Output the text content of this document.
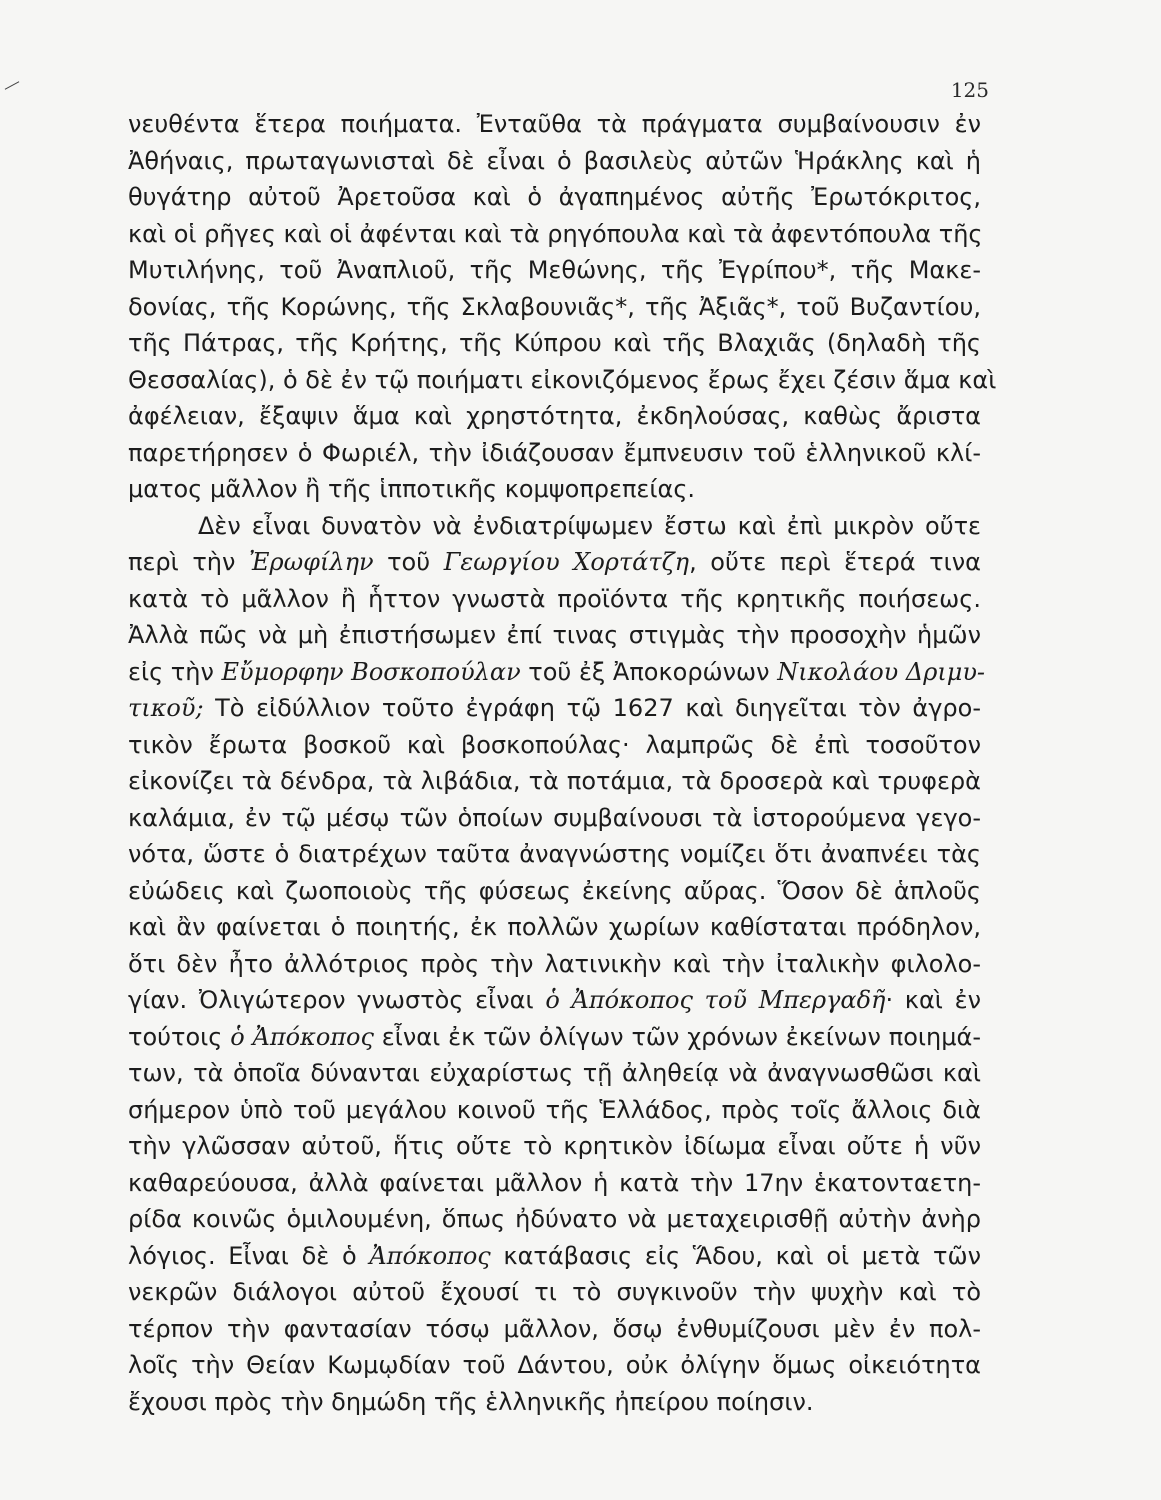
125
νευθέντα ἕτερα ποιήματα. Ἐνταῦθα τὰ πράγματα συμβαίνουσιν ἐν
Ἀθήναις, πρωταγωνισταὶ δὲ εἶναι ὁ βασιλεὺς αὐτῶν Ἡράκλης καὶ ἡ
θυγάτηρ αὐτοῦ Ἀρετοῦσα καὶ ὁ ἀγαπημένος αὐτῆς Ἐρωτόκριτος,
καὶ οἱ ρῆγες καὶ οἱ ἀφένται καὶ τὰ ρηγόπουλα καὶ τὰ ἀφεντόπουλα τῆς
Μυτιλήνης, τοῦ Ἀναπλιοῦ, τῆς Μεθώνης, τῆς Ἐγρίπου*, τῆς Μακε-
δονίας, τῆς Κορώνης, τῆς Σκλαβουνιᾶς*, τῆς Ἀξιᾶς*, τοῦ Βυζαντίου,
τῆς Πάτρας, τῆς Κρήτης, τῆς Κύπρου καὶ τῆς Βλαχιᾶς (δηλαδὴ τῆς
Θεσσαλίας), ὁ δὲ ἐν τῷ ποιήματι εἰκονιζόμενος ἔρως ἔχει ζέσιν ἅμα καὶ
ἀφέλειαν, ἔξαψιν ἅμα καὶ χρηστότητα, ἐκδηλούσας, καθὼς ἄριστα
παρετήρησεν ὁ Φωριέλ, τὴν ἰδιάζουσαν ἔμπνευσιν τοῦ ἑλληνικοῦ κλί-
ματος μᾶλλον ἢ τῆς ἱπποτικῆς κομψοπρεπείας.
Δὲν εἶναι δυνατὸν νὰ ἐνδιατρίψωμεν ἔστω καὶ ἐπὶ μικρὸν οὔτε
περὶ τὴν Ἐρωφίλην τοῦ Γεωργίου Χορτάτζη, οὔτε περὶ ἕτερά τινα
κατὰ τὸ μᾶλλον ἢ ἧττον γνωστὰ προϊόντα τῆς κρητικῆς ποιήσεως.
Ἀλλὰ πῶς νὰ μὴ ἐπιστήσωμεν ἐπί τινας στιγμὰς τὴν προσοχὴν ἡμῶν
εἰς τὴν Εὔμορφην Βοσκοπούλαν τοῦ ἐξ Ἀποκορώνων Νικολάου Δριμυ-
τικοῦ; Τὸ εἰδύλλιον τοῦτο ἐγράφη τῷ 1627 καὶ διηγεῖται τὸν ἀγρο-
τικὸν ἔρωτα βοσκοῦ καὶ βοσκοπούλας· λαμπρῶς δὲ ἐπὶ τοσοῦτον
εἰκονίζει τὰ δένδρα, τὰ λιβάδια, τὰ ποτάμια, τὰ δροσερὰ καὶ τρυφερὰ
καλάμια, ἐν τῷ μέσῳ τῶν ὁποίων συμβαίνουσι τὰ ἱστορούμενα γεγο-
νότα, ὥστε ὁ διατρέχων ταῦτα ἀναγνώστης νομίζει ὅτι ἀναπνέει τὰς
εὐώδεις καὶ ζωοποιοὺς τῆς φύσεως ἐκείνης αὔρας. Ὅσον δὲ ἁπλοῦς
καὶ ἂν φαίνεται ὁ ποιητής, ἐκ πολλῶν χωρίων καθίσταται πρόδηλον,
ὅτι δὲν ἦτο ἀλλότριος πρὸς τὴν λατινικὴν καὶ τὴν ἰταλικὴν φιλολο-
γίαν. Ὀλιγώτερον γνωστὸς εἶναι ὁ Ἀπόκοπος τοῦ Μπεργαδῆ· καὶ ἐν
τούτοις ὁ Ἀπόκοπος εἶναι ἐκ τῶν ὀλίγων τῶν χρόνων ἐκείνων ποιημά-
των, τὰ ὁποῖα δύνανται εὐχαρίστως τῇ ἀληθείᾳ νὰ ἀναγνωσθῶσι καὶ
σήμερον ὑπὸ τοῦ μεγάλου κοινοῦ τῆς Ἑλλάδος, πρὸς τοῖς ἄλλοις διὰ
τὴν γλῶσσαν αὐτοῦ, ἥτις οὔτε τὸ κρητικὸν ἰδίωμα εἶναι οὔτε ἡ νῦν
καθαρεύουσα, ἀλλὰ φαίνεται μᾶλλον ἡ κατὰ τὴν 17ην ἑκατονταετη-
ρίδα κοινῶς ὁμιλουμένη, ὅπως ἠδύνατο νὰ μεταχειρισθῇ αὐτὴν ἀνὴρ
λόγιος. Εἶναι δὲ ὁ Ἀπόκοπος κατάβασις εἰς Ἅδου, καὶ οἱ μετὰ τῶν
νεκρῶν διάλογοι αὐτοῦ ἔχουσί τι τὸ συγκινοῦν τὴν ψυχὴν καὶ τὸ
τέρπον τὴν φαντασίαν τόσῳ μᾶλλον, ὅσῳ ἐνθυμίζουσι μὲν ἐν πολ-
λοῖς τὴν Θείαν Κωμῳδίαν τοῦ Δάντου, οὐκ ὀλίγην ὅμως οἰκειότητα
ἔχουσι πρὸς τὴν δημώδη τῆς ἑλληνικῆς ἠπείρου ποίησιν.
